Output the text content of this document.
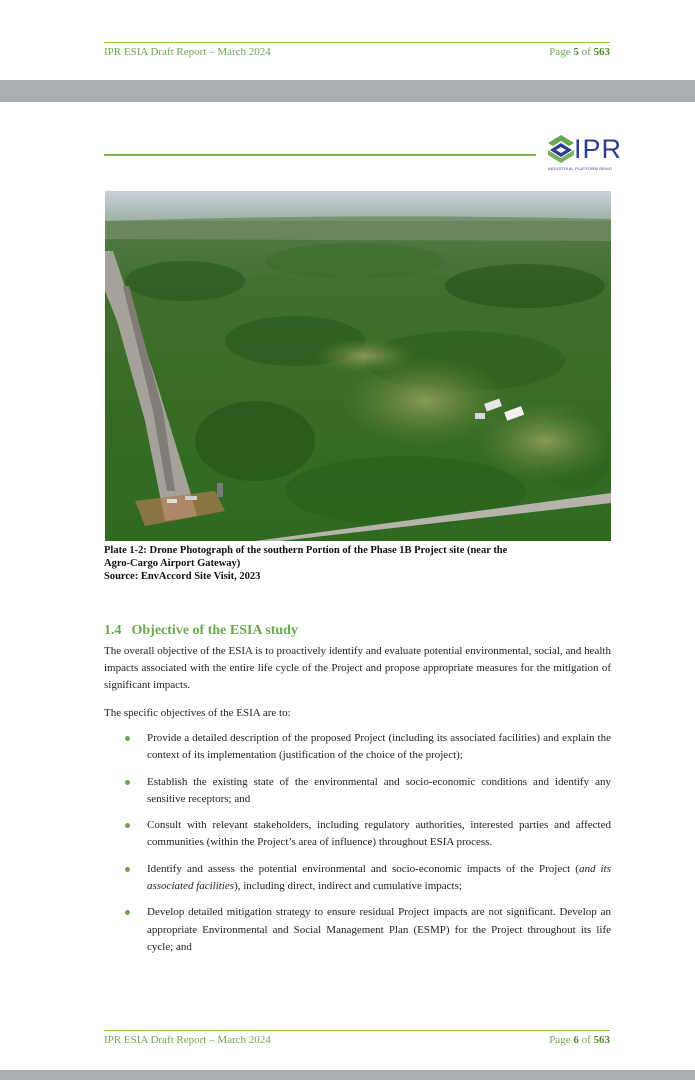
IPR ESIA Draft Report – March 2024	Page 5 of 563
IPR
INDUSTRIAL PLATFORM REMO
Plate 1-2: Drone Photograph of the southern Portion of the Phase 1B Project site (near the
Agro-Cargo Airport Gateway)
Source: EnvAccord Site Visit, 2023
1.4 Objective of the ESIA study
The overall objective of the ESIA is to proactively identify and evaluate potential environmental, social, and health impacts associated with the entire life cycle of the Project and propose appropriate measures for the mitigation of significant impacts.
The specific objectives of the ESIA are to:
Provide a detailed description of the proposed Project (including its associated facilities) and explain the context of its implementation (justification of the choice of the project);
Establish the existing state of the environmental and socio-economic conditions and identify any sensitive receptors; and
Consult with relevant stakeholders, including regulatory authorities, interested parties and affected communities (within the Project’s area of influence) throughout ESIA process.
Identify and assess the potential environmental and socio-economic impacts of the Project (and its associated facilities), including direct, indirect and cumulative impacts;
Develop detailed mitigation strategy to ensure residual Project impacts are not significant. Develop an appropriate Environmental and Social Management Plan (ESMP) for the Project throughout its life cycle; and
IPR ESIA Draft Report – March 2024	Page 6 of 563
